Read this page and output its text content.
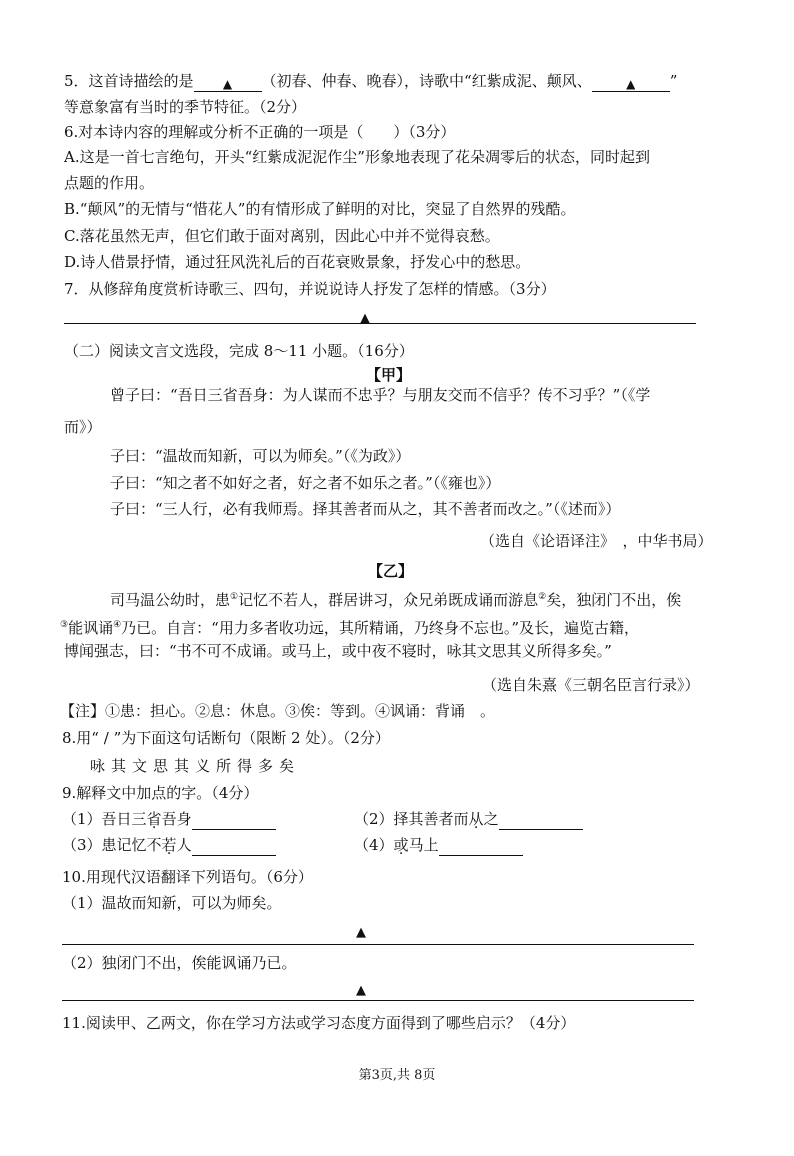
5．这首诗描绘的是 ▲ （初春、仲春、晚春），诗歌中“红紫成泥、颠风、	▲ ”
等意象富有当时的季节特征。（2分）
6.对本诗内容的理解或分析不正确的一项是（　　）（3分）
A.这是一首七言绝句，开头“红紫成泥泥作尘”形象地表现了花朵凋零后的状态，同时起到
点题的作用。
B.“颠风”的无情与“惜花人”的有情形成了鲜明的对比，突显了自然界的残酷。
C.落花虽然无声，但它们敢于面对离别，因此心中并不觉得哀愁。
D.诗人借景抒情，通过狂风洗礼后的百花衰败景象，抒发心中的愁思。
7．从修辞角度赏析诗歌三、四句，并说说诗人抒发了怎样的情感。（3分）
▲
（二）阅读文言文选段，完成 8～11 小题。（16分）
【甲】
曾子曰：“吾日三省吾身：为人谋而不忠乎？与朋友交而不信乎？传不习乎？”（《学
而》）
子曰：“温故而知新，可以为师矣。”（《为政》）
子曰：“知之者不如好之者，好之者不如乐之者。”（《雍也》）
子曰：“三人行，必有我师焉。择其善者而从之，其不善者而改之。”（《述而》）
（选自《论语译注》　，中华书局）
【乙】
司马温公幼时，患①记忆不若人，群居讲习，众兄弟既成诵而游息②矣，独闭门不出，俟
③能讽诵④乃已。自言：“用力多者收功远，其所精诵，乃终身不忘也。”及长，遍览古籍，
博闻强志，曰：“书不可不成诵。或马上，或中夜不寝时，咏其文思其义所得多矣。”
（选自朱熹《三朝名臣言行录》）
【注】①患：担心。②息：休息。③俟：等到。④讽诵：背诵　。
8.用“ / ”为下面这句话断句（限断 2 处）。（2分）
咏其文思其义所得多矣
9.解释文中加点的字。（4分）
（1）吾日三省吾身	（2）择其善者而从之
（3）患记忆不若人	（4）或马上
10.用现代汉语翻译下列语句。（6分）
（1）温故而知新，可以为师矣。
▲
（2）独闭门不出，俟能讽诵乃已。
▲
11.阅读甲、乙两文，你在学习方法或学习态度方面得到了哪些启示？（4分）
第3页,共 8页
